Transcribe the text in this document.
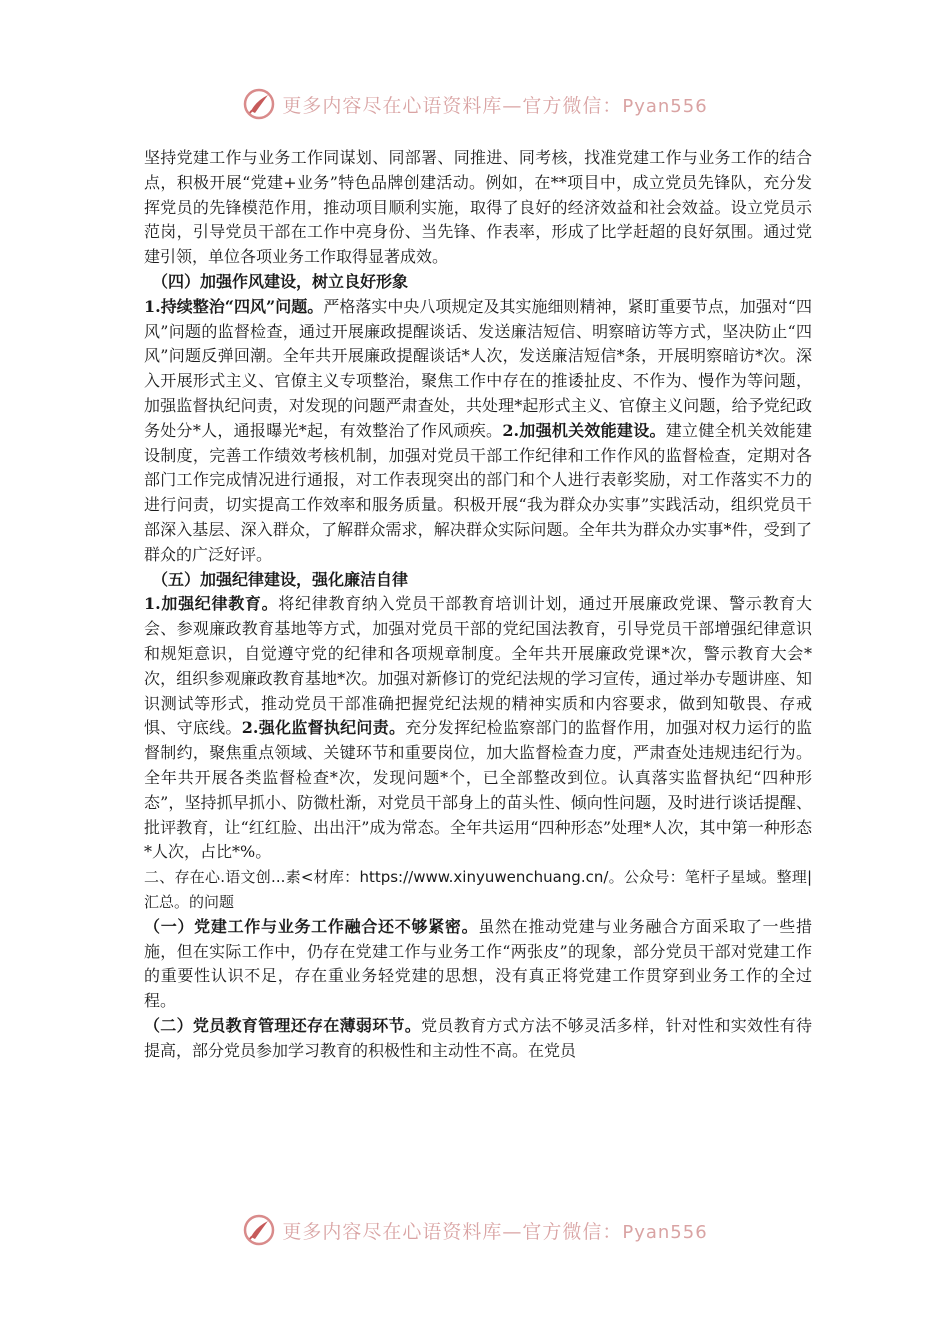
更多内容尽在心语资料库—官方微信：Pyan556

坚持党建工作与业务工作同谋划、同部署、同推进、同考核，找准党建工作与业务工作的结合点，积极开展“党建+业务”特色品牌创建活动。例如，在**项目中，成立党员先锋队，充分发挥党员的先锋模范作用，推动项目顺利实施，取得了良好的经济效益和社会效益。设立党员示范岗，引导党员干部在工作中亮身份、当先锋、作表率，形成了比学赶超的良好氛围。通过党建引领，单位各项业务工作取得显著成效。

（四）加强作风建设，树立良好形象

1.持续整治“四风”问题。严格落实中央八项规定及其实施细则精神，紧盯重要节点，加强对“四风”问题的监督检查，通过开展廉政提醒谈话、发送廉洁短信、明察暗访等方式，坚决防止“四风”问题反弹回潮。全年共开展廉政提醒谈话*人次，发送廉洁短信*条，开展明察暗访*次。深入开展形式主义、官僚主义专项整治，聚焦工作中存在的推诿扯皮、不作为、慢作为等问题，加强监督执纪问责，对发现的问题严肃查处，共处理*起形式主义、官僚主义问题，给予党纪政务处分*人，通报曝光*起，有效整治了作风顽疾。2.加强机关效能建设。建立健全机关效能建设制度，完善工作绩效考核机制，加强对党员干部工作纪律和工作作风的监督检查，定期对各部门工作完成情况进行通报，对工作表现突出的部门和个人进行表彰奖励，对工作落实不力的进行问责，切实提高工作效率和服务质量。积极开展“我为群众办实事”实践活动，组织党员干部深入基层、深入群众，了解群众需求，解决群众实际问题。全年共为群众办实事*件，受到了群众的广泛好评。

（五）加强纪律建设，强化廉洁自律

1.加强纪律教育。将纪律教育纳入党员干部教育培训计划，通过开展廉政党课、警示教育大会、参观廉政教育基地等方式，加强对党员干部的党纪国法教育，引导党员干部增强纪律意识和规矩意识，自觉遵守党的纪律和各项规章制度。全年共开展廉政党课*次，警示教育大会*次，组织参观廉政教育基地*次。加强对新修订的党纪法规的学习宣传，通过举办专题讲座、知识测试等形式，推动党员干部准确把握党纪法规的精神实质和内容要求，做到知敬畏、存戒惧、守底线。2.强化监督执纪问责。充分发挥纪检监察部门的监督作用，加强对权力运行的监督制约，聚焦重点领域、关键环节和重要岗位，加大监督检查力度，严肃查处违规违纪行为。全年共开展各类监督检查*次，发现问题*个，已全部整改到位。认真落实监督执纪“四种形态”，坚持抓早抓小、防微杜渐，对党员干部身上的苗头性、倾向性问题，及时进行谈话提醒、批评教育，让“红红脸、出出汗”成为常态。全年共运用“四种形态”处理*人次，其中第一种形态*人次，占比*%。

二、存在心.语文创...素<材库：https://www.xinyuwenchuang.cn/。公众号：笔杆子星域。整理|汇总。的问题

（一）党建工作与业务工作融合还不够紧密。虽然在推动党建与业务融合方面采取了一些措施，但在实际工作中，仍存在党建工作与业务工作“两张皮”的现象，部分党员干部对党建工作的重要性认识不足，存在重业务轻党建的思想，没有真正将党建工作贯穿到业务工作的全过程。

（二）党员教育管理还存在薄弱环节。党员教育方式方法不够灵活多样，针对性和实效性有待提高，部分党员参加学习教育的积极性和主动性不高。在党员

更多内容尽在心语资料库—官方微信：Pyan556
